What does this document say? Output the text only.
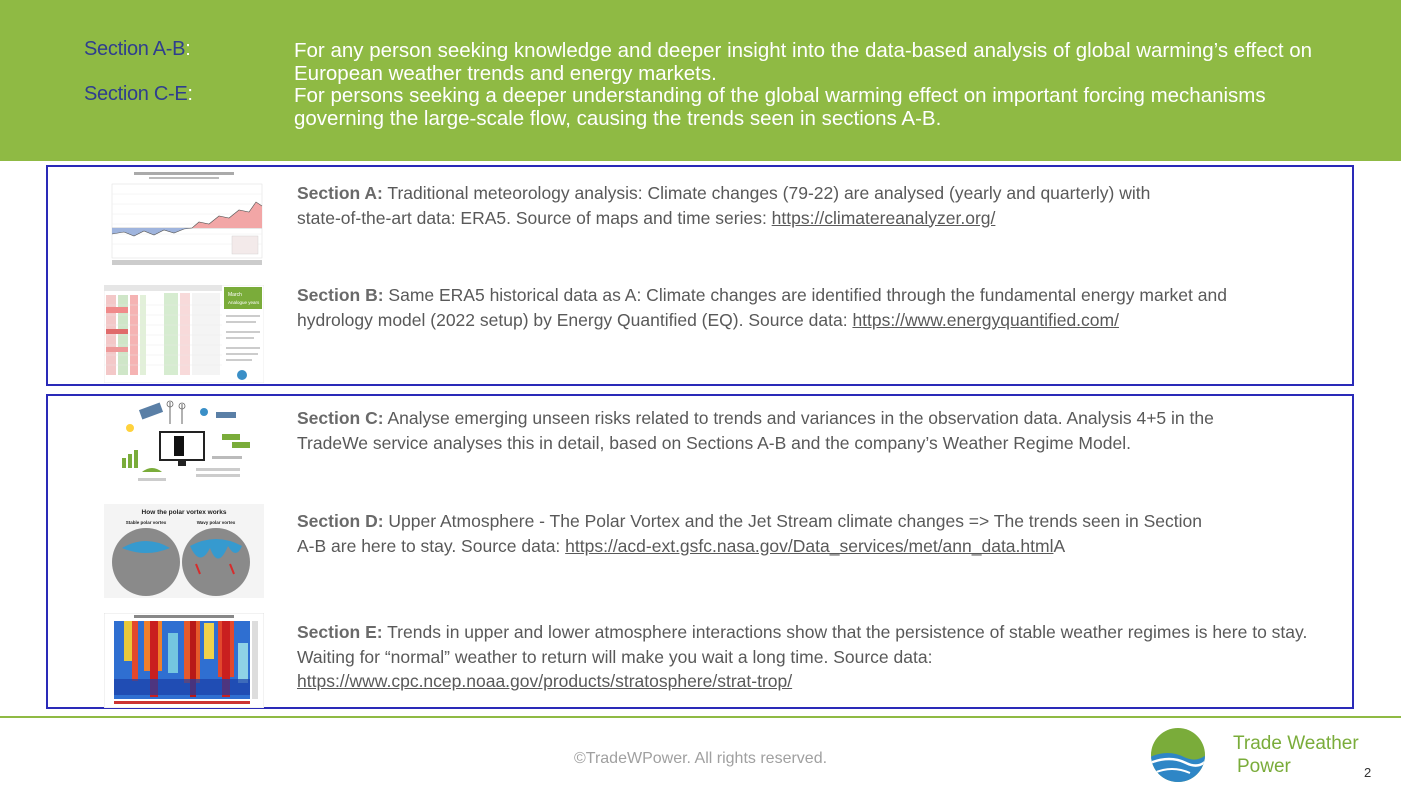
Section A-B:	For any person seeking knowledge and deeper insight into the data-based analysis of global warming’s effect on European weather trends and energy markets.
Section C-E:	For persons seeking a deeper understanding of the global warming effect on important forcing mechanisms governing the large-scale flow, causing the trends seen in sections A-B.
March
Analogue years
How the polar vortex works
Stable polar vortex	Wavy polar vortex
Section A: Traditional meteorology analysis: Climate changes (79-22) are analysed (yearly and quarterly) with state-of-the-art data: ERA5. Source of maps and time series: https://climatereanalyzer.org/
Section B: Same ERA5 historical data as A: Climate changes are identified through the fundamental energy market and hydrology model (2022 setup) by Energy Quantified (EQ). Source data: https://www.energyquantified.com/
Section C: Analyse emerging unseen risks related to trends and variances in the observation data. Analysis 4+5 in the TradeWe service analyses this in detail, based on Sections A-B and the company’s Weather Regime Model.
Section D: Upper Atmosphere - The Polar Vortex and the Jet Stream climate changes => The trends seen in Section A-B are here to stay. Source data: https://acd-ext.gsfc.nasa.gov/Data_services/met/ann_data.htmlA
Section E: Trends in upper and lower atmosphere interactions show that the persistence of stable weather regimes is here to stay. Waiting for “normal” weather to return will make you wait a long time. Source data: https://www.cpc.ncep.noaa.gov/products/stratosphere/strat-trop/
©TradeWPower. All rights reserved.
Trade Weather
Power	2
